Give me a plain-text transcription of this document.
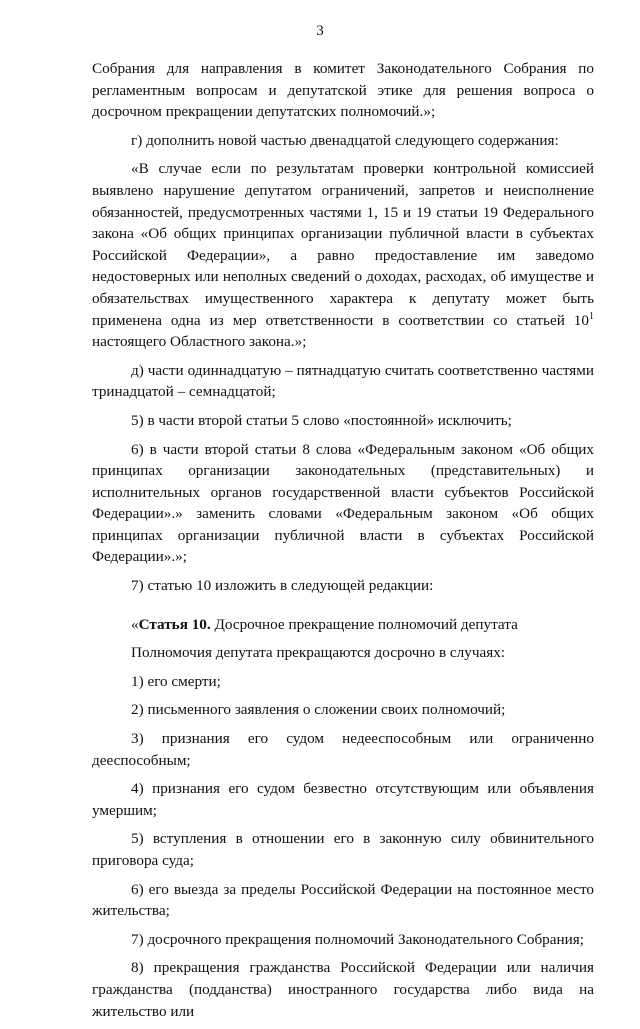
3

Собрания для направления в комитет Законодательного Собрания по регламентным вопросам и депутатской этике для решения вопроса о досрочном прекращении депутатских полномочий.»;

г) дополнить новой частью двенадцатой следующего содержания:

«В случае если по результатам проверки контрольной комиссией выявлено нарушение депутатом ограничений, запретов и неисполнение обязанностей, предусмотренных частями 1, 15 и 19 статьи 19 Федерального закона «Об общих принципах организации публичной власти в субъектах Российской Федерации», а равно предоставление им заведомо недостоверных или неполных сведений о доходах, расходах, об имуществе и обязательствах имущественного характера к депутату может быть применена одна из мер ответственности в соответствии со статьей $10^1$ настоящего Областного закона.»;

д) части одиннадцатую – пятнадцатую считать соответственно частями тринадцатой – семнадцатой;

5) в части второй статьи 5 слово «постоянной» исключить;

6) в части второй статьи 8 слова «Федеральным законом «Об общих принципах организации законодательных (представительных) и исполнительных органов государственной власти субъектов Российской Федерации».» заменить словами «Федеральным законом «Об общих принципах организации публичной власти в субъектах Российской Федерации».»;

7) статью 10 изложить в следующей редакции:

«Статья 10. Досрочное прекращение полномочий депутата

Полномочия депутата прекращаются досрочно в случаях:

1) его смерти;

2) письменного заявления о сложении своих полномочий;

3) признания его судом недееспособным или ограниченно дееспособным;

4) признания его судом безвестно отсутствующим или объявления умершим;

5) вступления в отношении его в законную силу обвинительного приговора суда;

6) его выезда за пределы Российской Федерации на постоянное место жительства;

7) досрочного прекращения полномочий Законодательного Собрания;

8) прекращения гражданства Российской Федерации или наличия гражданства (подданства) иностранного государства либо вида на жительство или
